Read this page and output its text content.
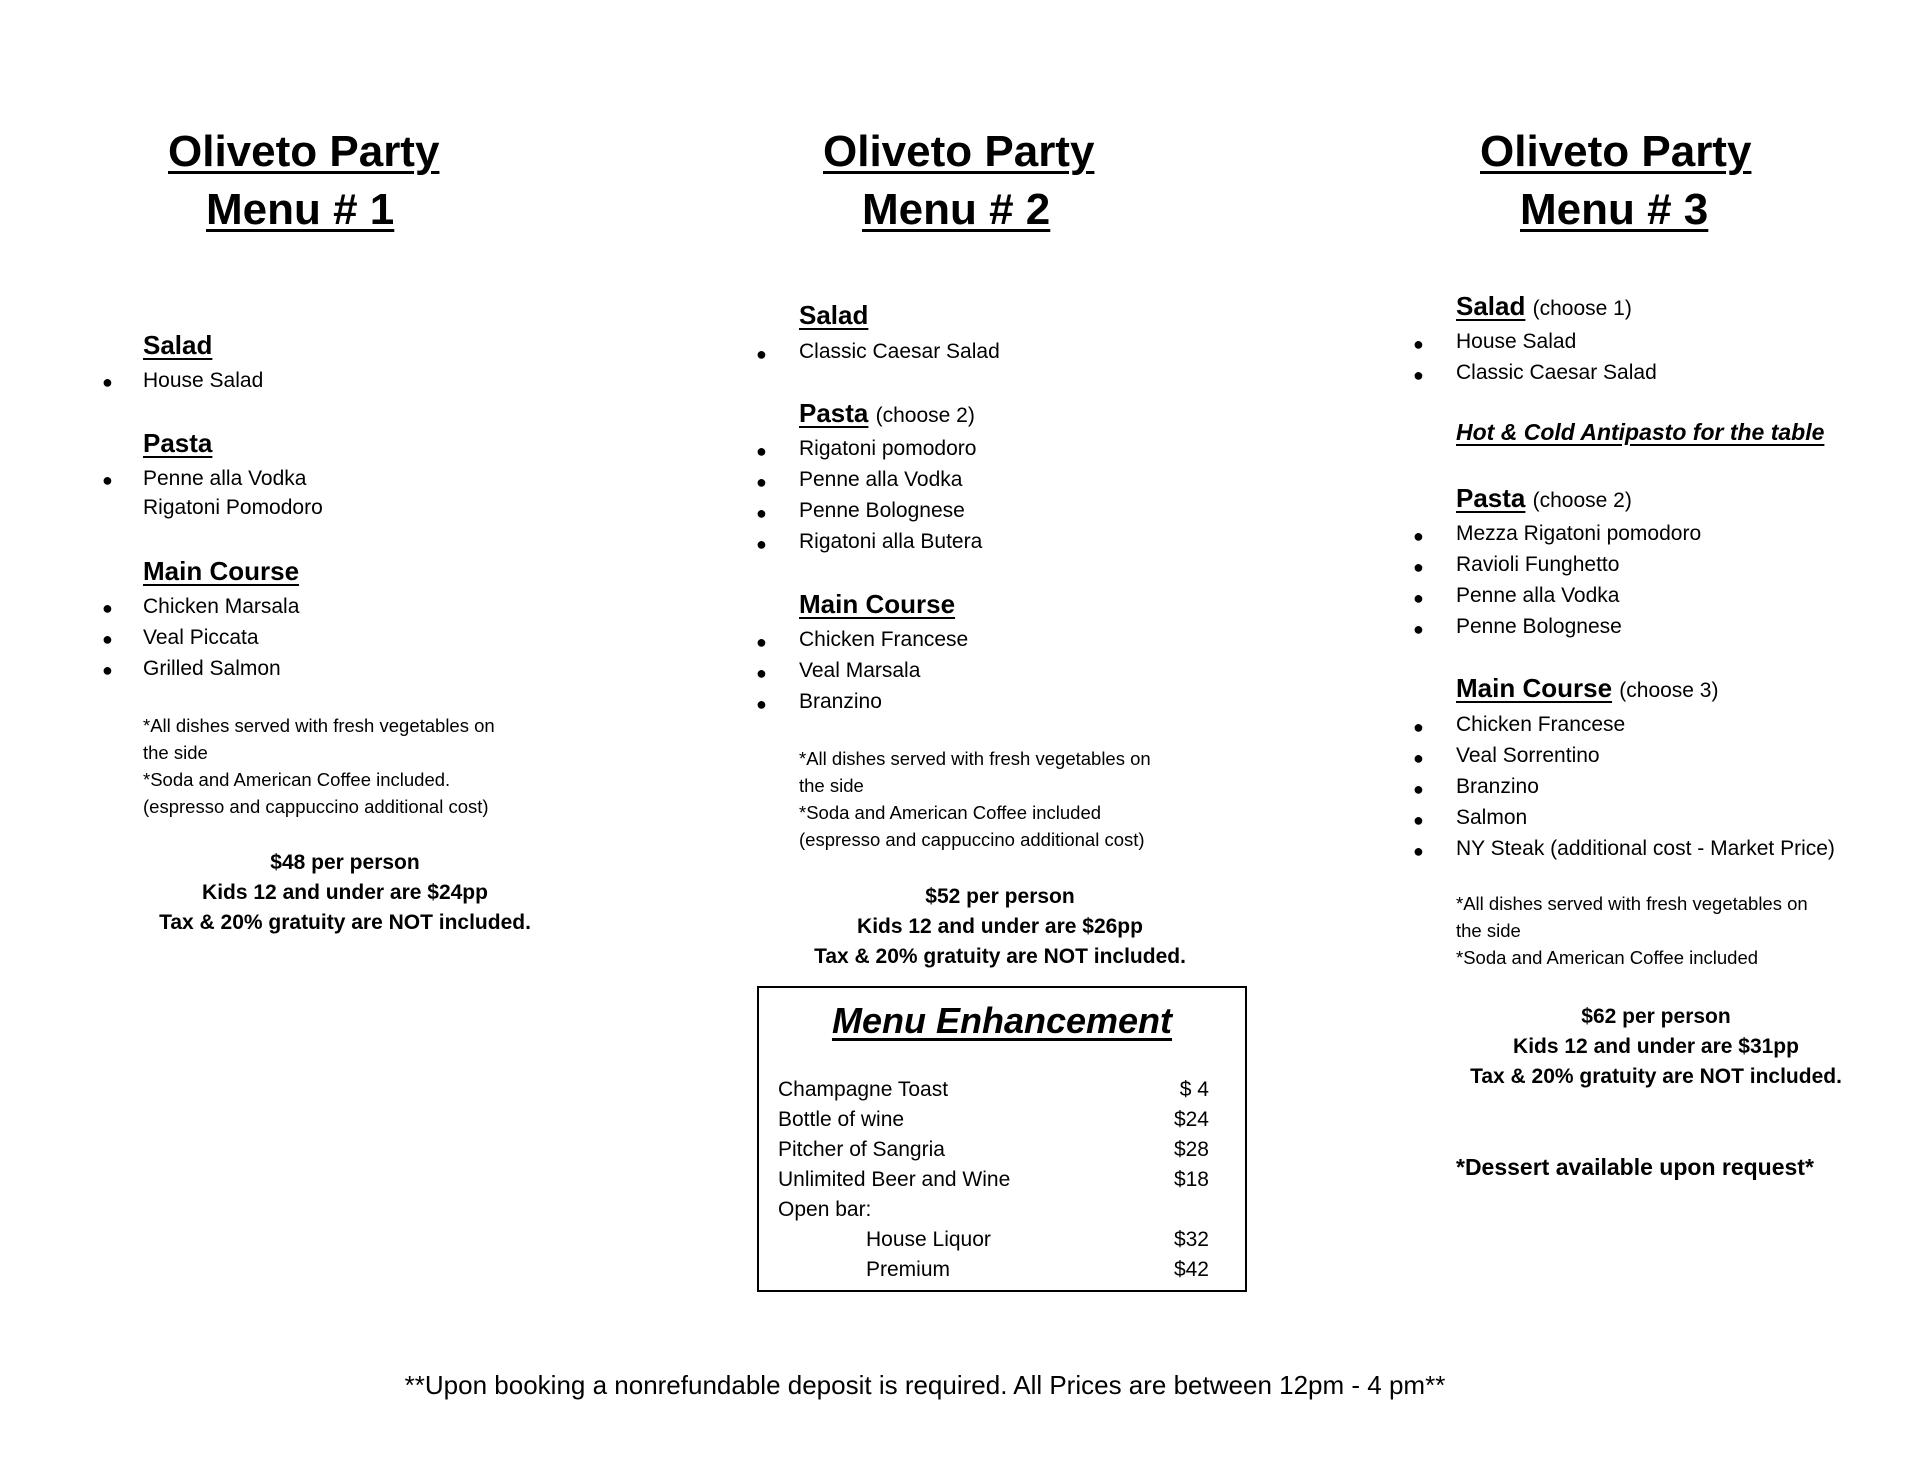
Oliveto Party
Menu # 1
Salad
● House Salad
Pasta
● Penne alla Vodka
Rigatoni Pomodoro
Main Course
● Chicken Marsala
● Veal Piccata
● Grilled Salmon
*All dishes served with fresh vegetables on
the side
*Soda and American Coffee included.
(espresso and cappuccino additional cost)
$48 per person
Kids 12 and under are $24pp
Tax & 20% gratuity are NOT included.
Oliveto Party
Menu # 2
Salad
● Classic Caesar Salad
Pasta (choose 2)
● Rigatoni pomodoro
● Penne alla Vodka
● Penne Bolognese
● Rigatoni alla Butera
Main Course
● Chicken Francese
● Veal Marsala
● Branzino
*All dishes served with fresh vegetables on
the side
*Soda and American Coffee included
(espresso and cappuccino additional cost)
$52 per person
Kids 12 and under are $26pp
Tax & 20% gratuity are NOT included.
Menu Enhancement
Champagne Toast	$ 4
Bottle of wine	$24
Pitcher of Sangria	$28
Unlimited Beer and Wine	$18
Open bar:
House Liquor	$32
Premium	$42
Oliveto Party
Menu # 3
Salad (choose 1)
● House Salad
● Classic Caesar Salad
Hot & Cold Antipasto for the table
Pasta (choose 2)
● Mezza Rigatoni pomodoro
● Ravioli Funghetto
● Penne alla Vodka
● Penne Bolognese
Main Course (choose 3)
● Chicken Francese
● Veal Sorrentino
● Branzino
● Salmon
● NY Steak (additional cost - Market Price)
*All dishes served with fresh vegetables on
the side
*Soda and American Coffee included
$62 per person
Kids 12 and under are $31pp
Tax & 20% gratuity are NOT included.
*Dessert available upon request*
**Upon booking a nonrefundable deposit is required. All Prices are between 12pm - 4 pm**
